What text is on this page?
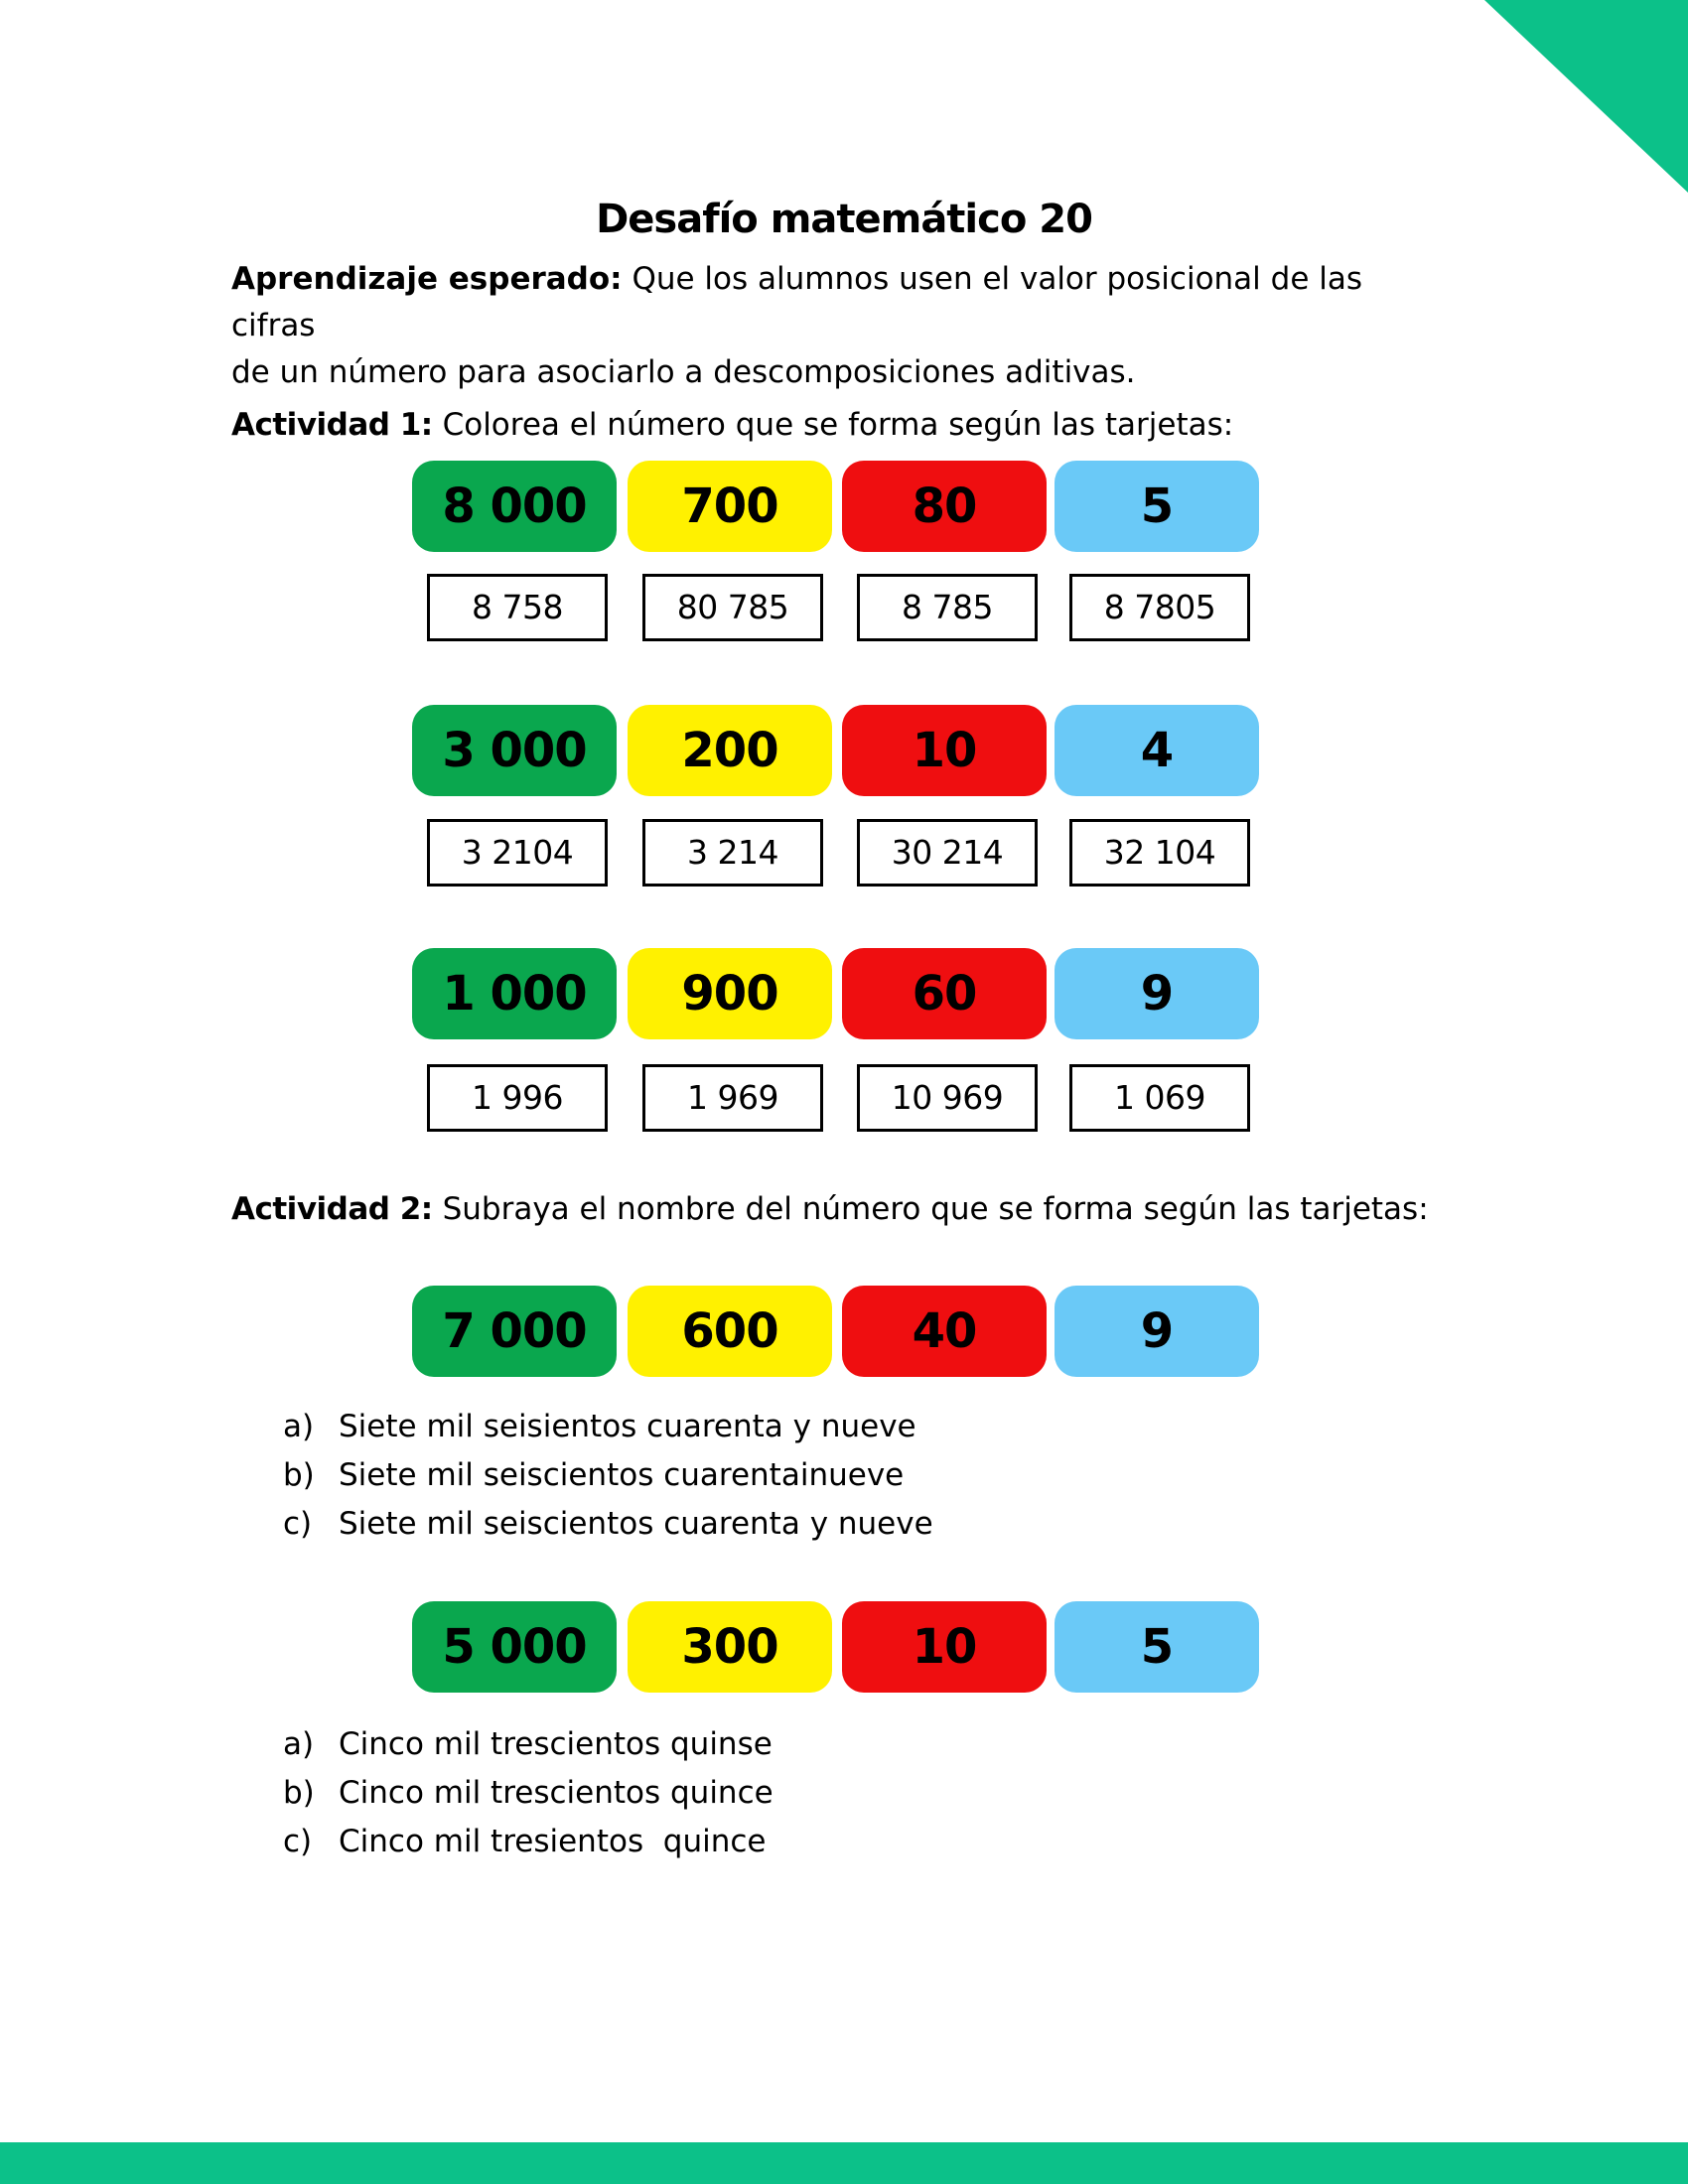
Desafío matemático 20
Aprendizaje esperado: Que los alumnos usen el valor posicional de las cifras
de un número para asociarlo a descomposiciones aditivas.
Actividad 1: Colorea el número que se forma según las tarjetas:
8 000	700	80	5
8 758	80 785	8 785	8 7805
3 000	200	10	4
3 2104	3 214	30 214	32 104
1 000	900	60	9
1 996	1 969	10 969	1 069
Actividad 2: Subraya el nombre del número que se forma según las tarjetas:
7 000	600	40	9
a) Siete mil seisientos cuarenta y nueve
b) Siete mil seiscientos cuarentainueve
c) Siete mil seiscientos cuarenta y nueve
5 000	300	10	5
a) Cinco mil trescientos quinse
b) Cinco mil trescientos quince
c) Cinco mil tresientos  quince
